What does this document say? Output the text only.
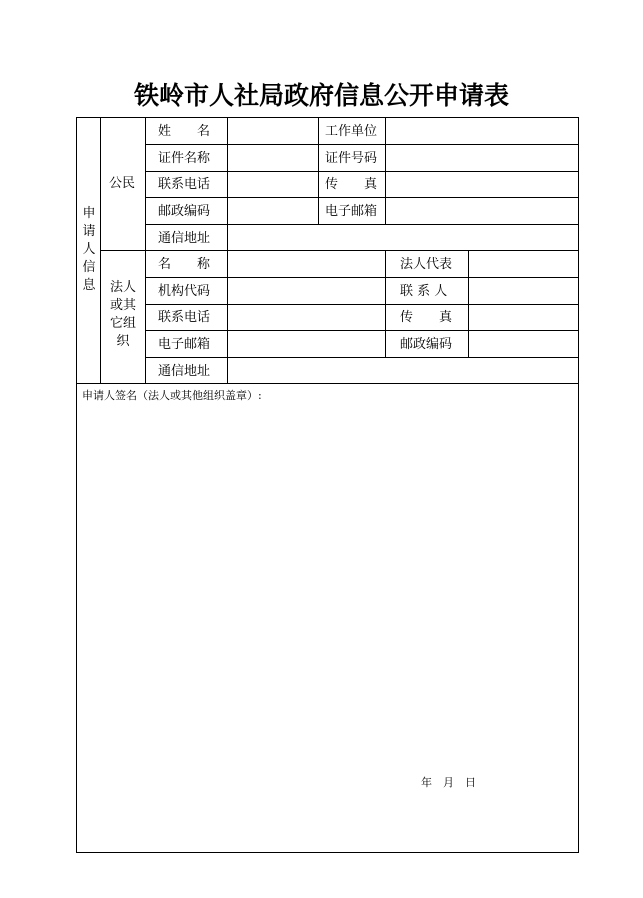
铁岭市人社局政府信息公开申请表
申请人信息
公民
姓　　名	工作单位
证件名称	证件号码
联系电话	传　　真
邮政编码	电子邮箱
通信地址
法人或其它组织
名　　称	法人代表
机构代码	联 系 人
联系电话	传　　真
电子邮箱	邮政编码
通信地址
申请人签名（法人或其他组织盖章）:
年　月　日
